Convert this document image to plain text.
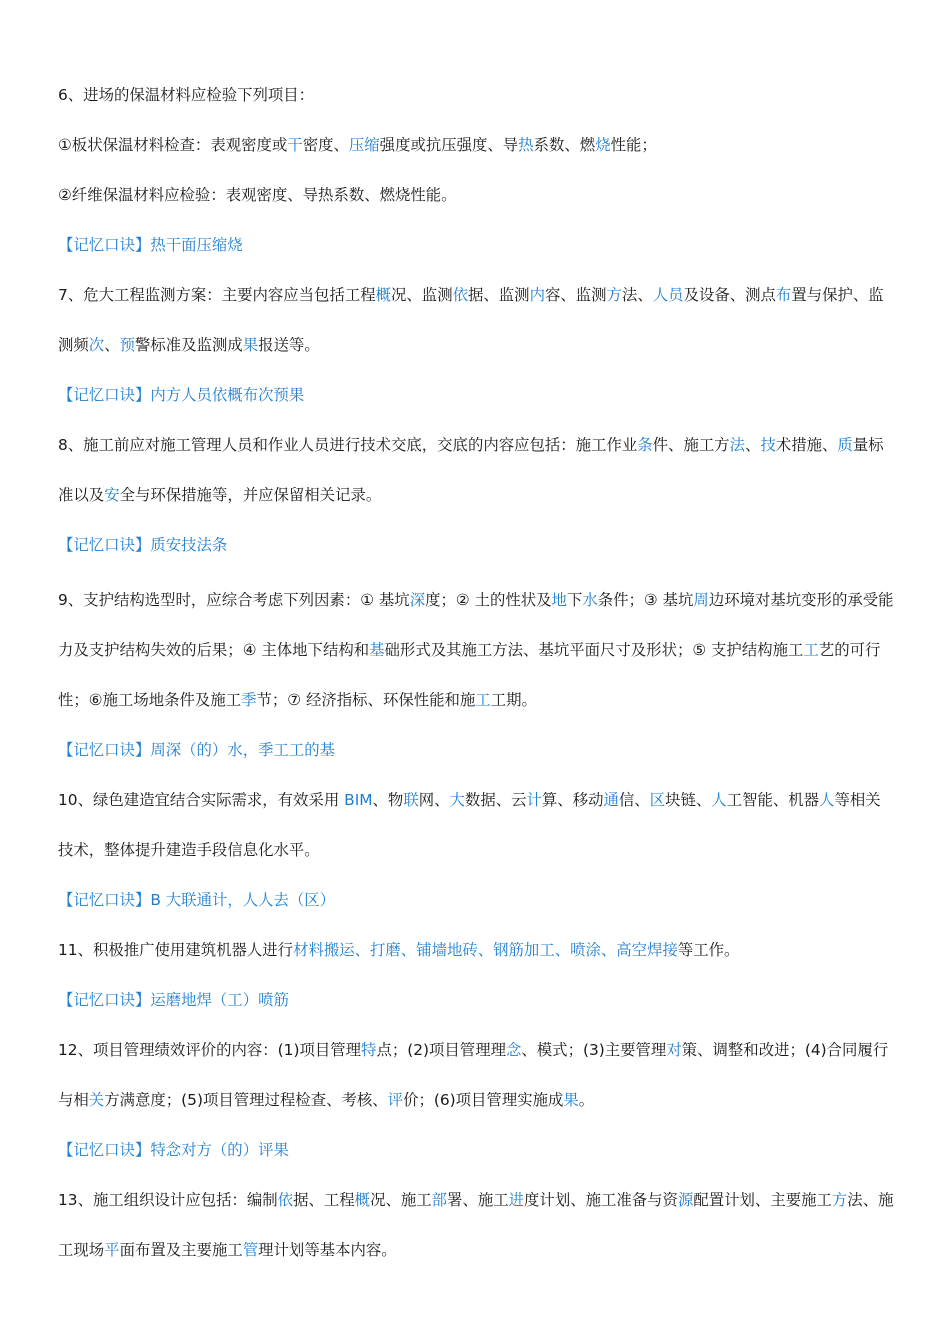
6、进场的保温材料应检验下列项目：

①板状保温材料检查：表观密度或干密度、压缩强度或抗压强度、导热系数、燃烧性能；

②纤维保温材料应检验：表观密度、导热系数、燃烧性能。

【记忆口诀】热干面压缩烧

7、危大工程监测方案：主要内容应当包括工程概况、监测依据、监测内容、监测方法、人员及设备、测点布置与保护、监测频次、预警标准及监测成果报送等。

【记忆口诀】内方人员依概布次预果

8、施工前应对施工管理人员和作业人员进行技术交底，交底的内容应包括：施工作业条件、施工方法、技术措施、质量标准以及安全与环保措施等，并应保留相关记录。

【记忆口诀】质安技法条

9、支护结构选型时，应综合考虑下列因素：① 基坑深度；② 土的性状及地下水条件；③ 基坑周边环境对基坑变形的承受能力及支护结构失效的后果；④ 主体地下结构和基础形式及其施工方法、基坑平面尺寸及形状；⑤ 支护结构施工工艺的可行性；⑥施工场地条件及施工季节；⑦ 经济指标、环保性能和施工工期。

【记忆口诀】周深（的）水，季工工的基

10、绿色建造宜结合实际需求，有效采用 BIM、物联网、大数据、云计算、移动通信、区块链、人工智能、机器人等相关技术，整体提升建造手段信息化水平。

【记忆口诀】B 大联通计，人人去（区）

11、积极推广使用建筑机器人进行材料搬运、打磨、铺墙地砖、钢筋加工、喷涂、高空焊接等工作。

【记忆口诀】运磨地焊（工）喷筋

12、项目管理绩效评价的内容：(1)项目管理特点；(2)项目管理理念、模式；(3)主要管理对策、调整和改进；(4)合同履行与相关方满意度；(5)项目管理过程检查、考核、评价；(6)项目管理实施成果。

【记忆口诀】特念对方（的）评果

13、施工组织设计应包括：编制依据、工程概况、施工部署、施工进度计划、施工准备与资源配置计划、主要施工方法、施工现场平面布置及主要施工管理计划等基本内容。
